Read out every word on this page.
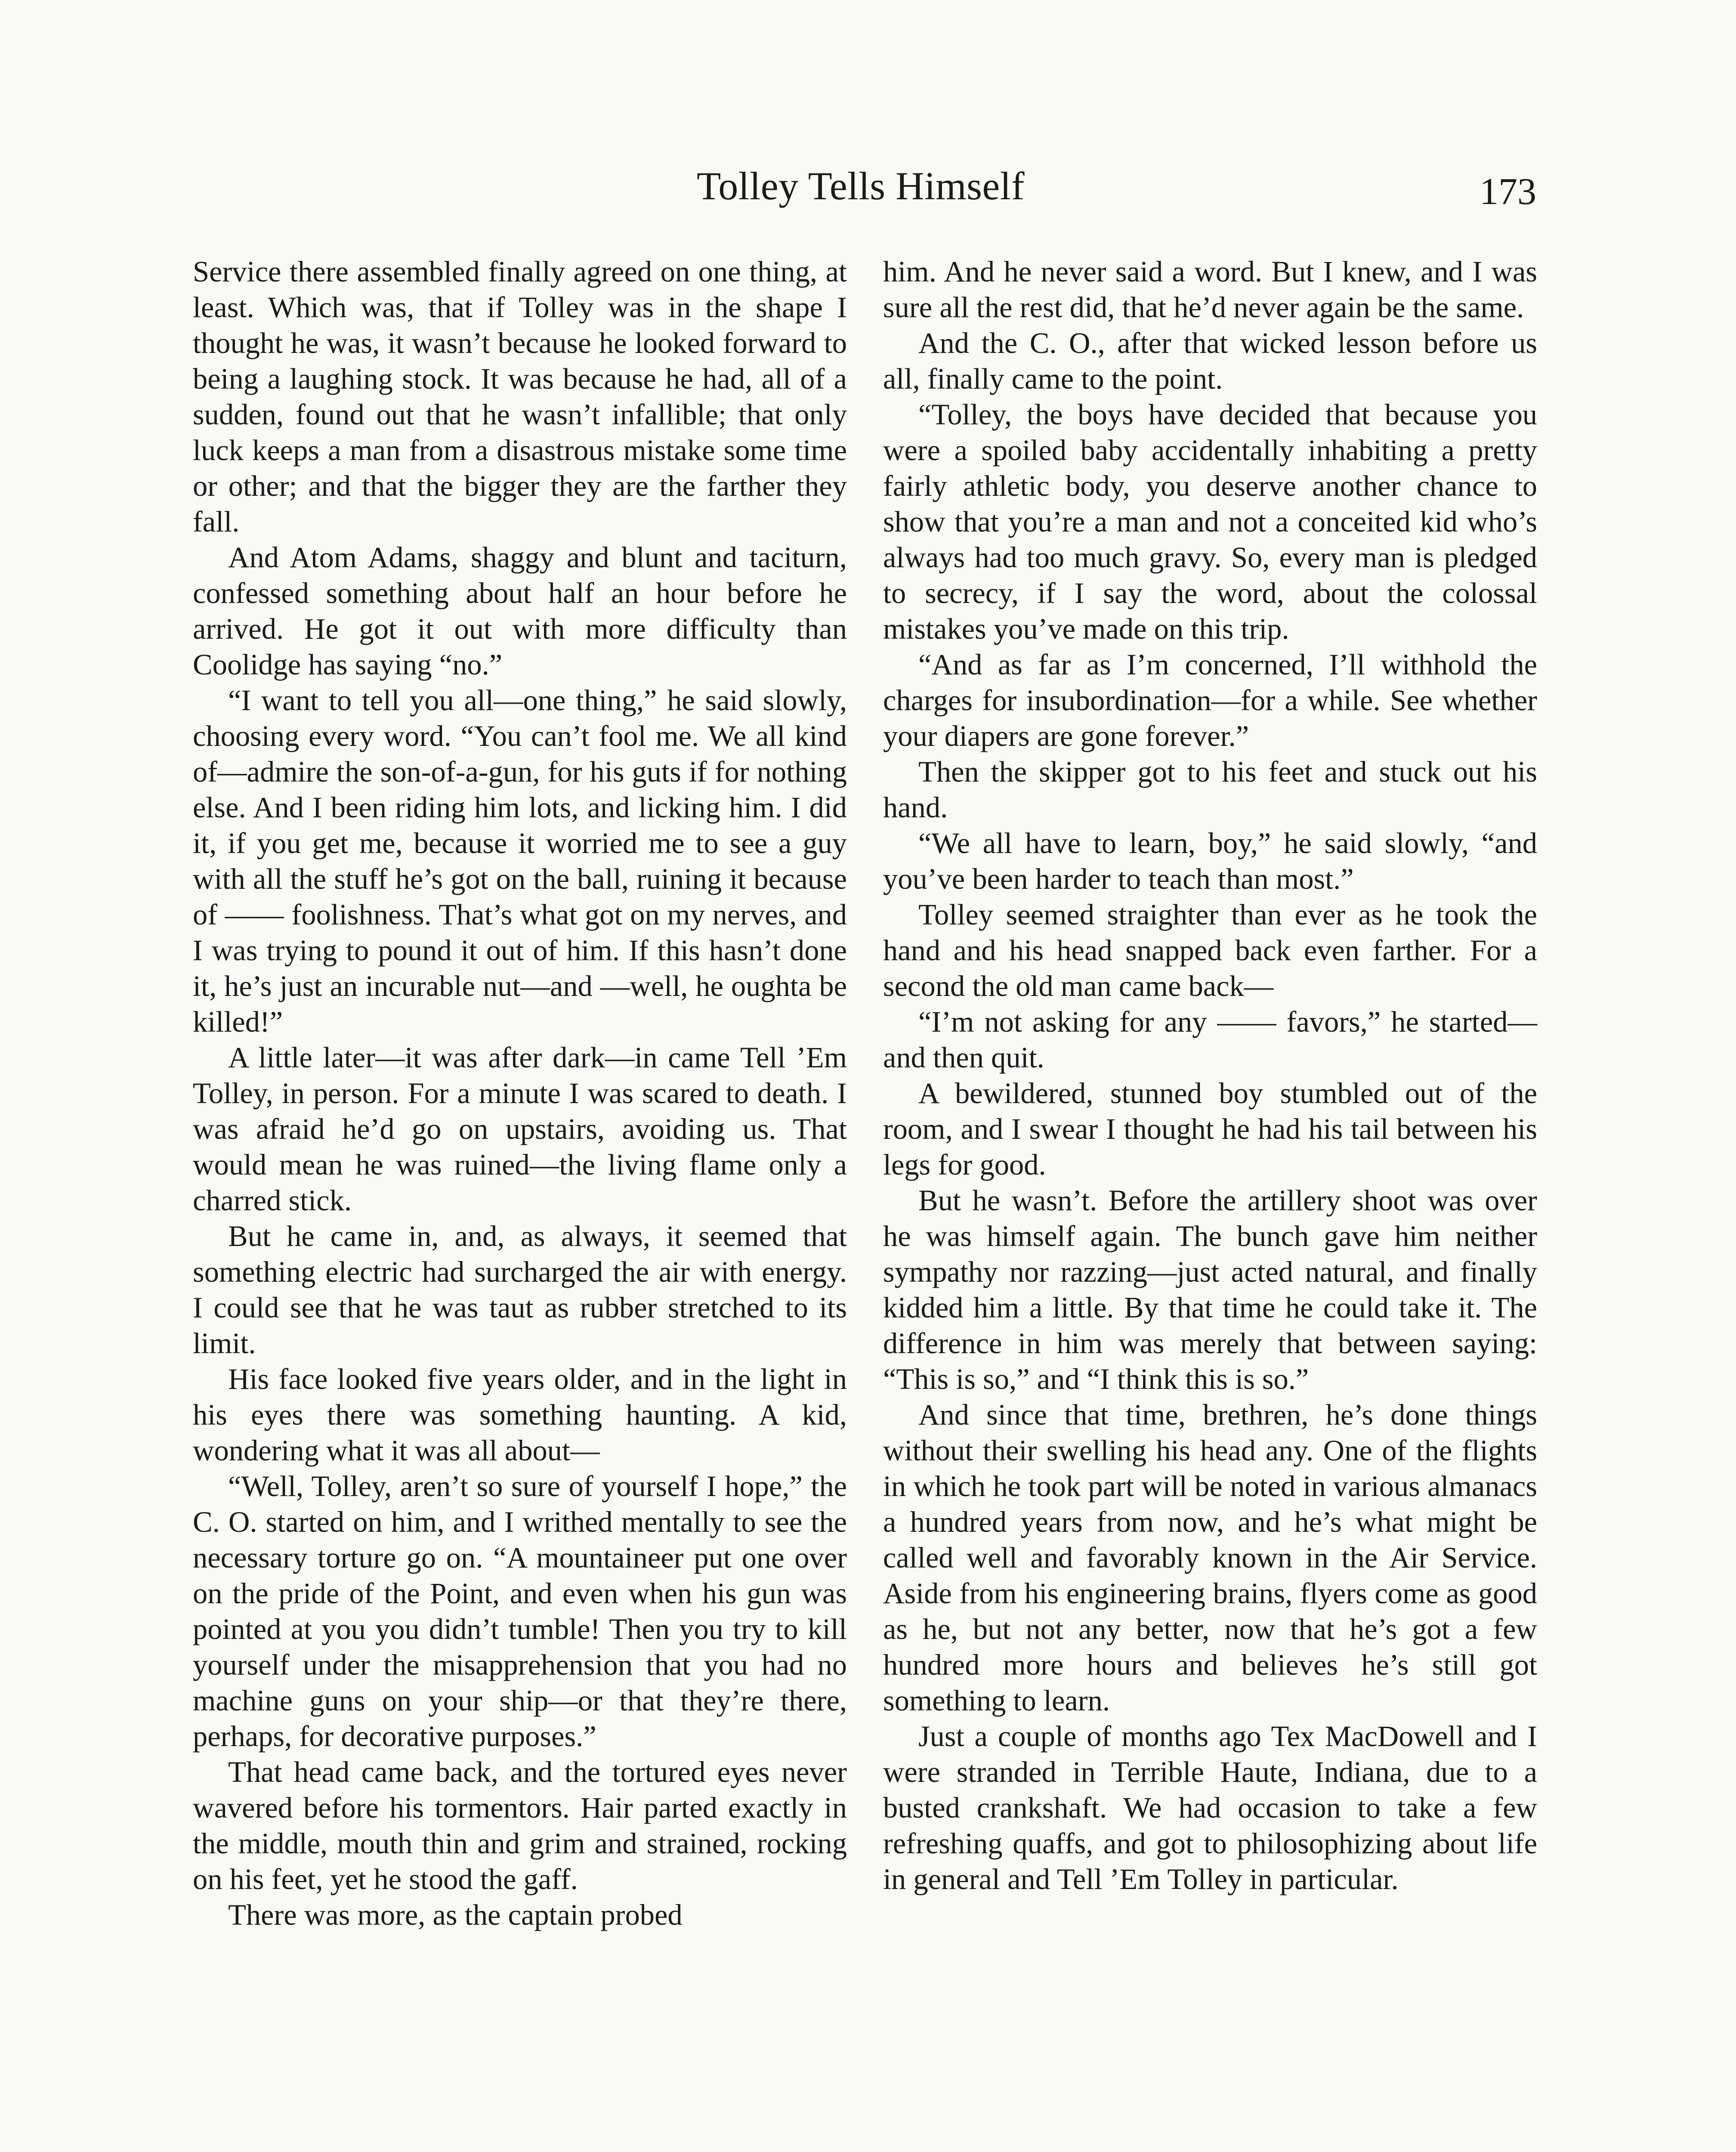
Tolley Tells Himself	173

Service there assembled finally agreed on one thing, at least. Which was, that if Tolley was in the shape I thought he was, it wasn’t because he looked forward to being a laughing stock. It was because he had, all of a sudden, found out that he wasn’t infallible; that only luck keeps a man from a disastrous mistake some time or other; and that the bigger they are the farther they fall.

And Atom Adams, shaggy and blunt and taciturn, confessed something about half an hour before he arrived. He got it out with more difficulty than Coolidge has saying “no.”

“I want to tell you all—one thing,” he said slowly, choosing every word. “You can’t fool me. We all kind of—admire the son-of-a-gun, for his guts if for nothing else. And I been riding him lots, and licking him. I did it, if you get me, because it worried me to see a guy with all the stuff he’s got on the ball, ruining it because of —— foolishness. That’s what got on my nerves, and I was trying to pound it out of him. If this hasn’t done it, he’s just an incurable nut—and —well, he oughta be killed!”

A little later—it was after dark—in came Tell ’Em Tolley, in person. For a minute I was scared to death. I was afraid he’d go on upstairs, avoiding us. That would mean he was ruined—the living flame only a charred stick.

But he came in, and, as always, it seemed that something electric had surcharged the air with energy. I could see that he was taut as rubber stretched to its limit.

His face looked five years older, and in the light in his eyes there was something haunting. A kid, wondering what it was all about—

“Well, Tolley, aren’t so sure of yourself I hope,” the C. O. started on him, and I writhed mentally to see the necessary torture go on. “A mountaineer put one over on the pride of the Point, and even when his gun was pointed at you you didn’t tumble! Then you try to kill yourself under the misapprehension that you had no machine guns on your ship—or that they’re there, perhaps, for decorative purposes.”

That head came back, and the tortured eyes never wavered before his tormentors. Hair parted exactly in the middle, mouth thin and grim and strained, rocking on his feet, yet he stood the gaff.

There was more, as the captain probed

him. And he never said a word. But I knew, and I was sure all the rest did, that he’d never again be the same.

And the C. O., after that wicked lesson before us all, finally came to the point.

“Tolley, the boys have decided that because you were a spoiled baby accidentally inhabiting a pretty fairly athletic body, you deserve another chance to show that you’re a man and not a conceited kid who’s always had too much gravy. So, every man is pledged to secrecy, if I say the word, about the colossal mistakes you’ve made on this trip.

“And as far as I’m concerned, I’ll withhold the charges for insubordination—for a while. See whether your diapers are gone forever.”

Then the skipper got to his feet and stuck out his hand.

“We all have to learn, boy,” he said slowly, “and you’ve been harder to teach than most.”

Tolley seemed straighter than ever as he took the hand and his head snapped back even farther. For a second the old man came back—

“I’m not asking for any —— favors,” he started—and then quit.

A bewildered, stunned boy stumbled out of the room, and I swear I thought he had his tail between his legs for good.

But he wasn’t. Before the artillery shoot was over he was himself again. The bunch gave him neither sympathy nor razzing—just acted natural, and finally kidded him a little. By that time he could take it. The difference in him was merely that between saying: “This is so,” and “I think this is so.”

And since that time, brethren, he’s done things without their swelling his head any. One of the flights in which he took part will be noted in various almanacs a hundred years from now, and he’s what might be called well and favorably known in the Air Service. Aside from his engineering brains, flyers come as good as he, but not any better, now that he’s got a few hundred more hours and believes he’s still got something to learn.

Just a couple of months ago Tex MacDowell and I were stranded in Terrible Haute, Indiana, due to a busted crankshaft. We had occasion to take a few refreshing quaffs, and got to philosophizing about life in general and Tell ’Em Tolley in particular.
